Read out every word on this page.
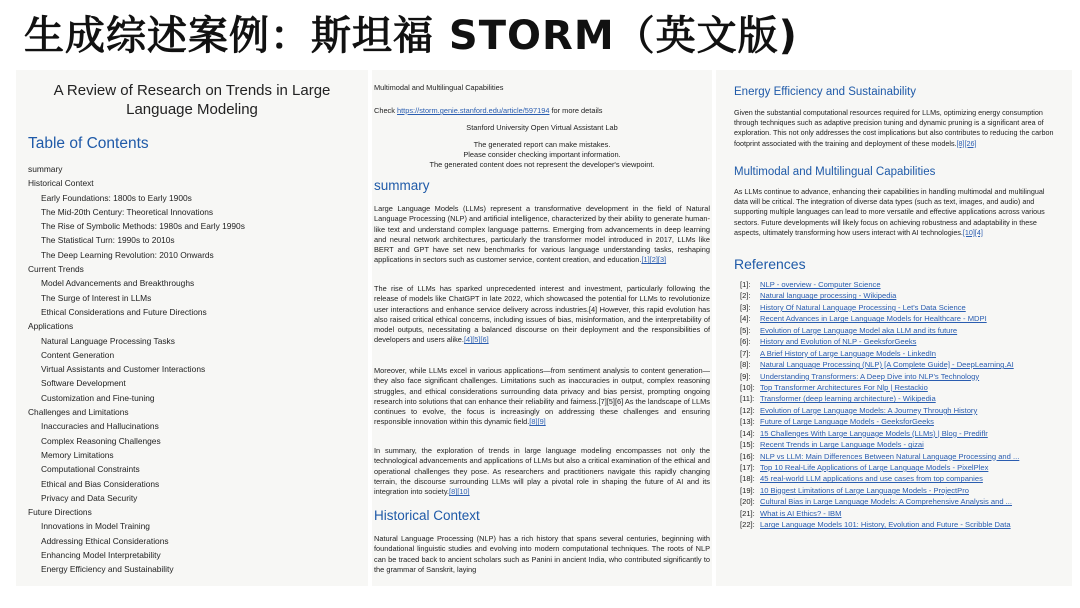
生成综述案例：斯坦福 STORM（英文版)
A Review of Research on Trends in Large Language Modeling
Table of Contents
summary
Historical Context
Early Foundations: 1800s to Early 1900s
The Mid-20th Century: Theoretical Innovations
The Rise of Symbolic Methods: 1980s and Early 1990s
The Statistical Turn: 1990s to 2010s
The Deep Learning Revolution: 2010 Onwards
Current Trends
Model Advancements and Breakthroughs
The Surge of Interest in LLMs
Ethical Considerations and Future Directions
Applications
Natural Language Processing Tasks
Content Generation
Virtual Assistants and Customer Interactions
Software Development
Customization and Fine-tuning
Challenges and Limitations
Inaccuracies and Hallucinations
Complex Reasoning Challenges
Memory Limitations
Computational Constraints
Ethical and Bias Considerations
Privacy and Data Security
Future Directions
Innovations in Model Training
Addressing Ethical Considerations
Enhancing Model Interpretability
Energy Efficiency and Sustainability
Multimodal and Multilingual Capabilities
Check https://storm.genie.stanford.edu/article/597194 for more details
Stanford University Open Virtual Assistant Lab
The generated report can make mistakes.
Please consider checking important information.
The generated content does not represent the developer's viewpoint.
summary

Large Language Models (LLMs) represent a transformative development in the field of Natural Language Processing (NLP) and artificial intelligence, characterized by their ability to generate human-like text and understand complex language patterns. Emerging from advancements in deep learning and neural network architectures, particularly the transformer model introduced in 2017, LLMs like BERT and GPT have set new benchmarks for various language understanding tasks, reshaping applications in sectors such as customer service, content creation, and education.[1][2][3]

The rise of LLMs has sparked unprecedented interest and investment, particularly following the release of models like ChatGPT in late 2022, which showcased the potential for LLMs to revolutionize user interactions and enhance service delivery across industries.[4] However, this rapid evolution has also raised critical ethical concerns, including issues of bias, misinformation, and the interpretability of model outputs, necessitating a balanced discourse on their deployment and the responsibilities of developers and users alike.[4][5][6]

Moreover, while LLMs excel in various applications—from sentiment analysis to content generation—they also face significant challenges. Limitations such as inaccuracies in output, complex reasoning struggles, and ethical considerations surrounding data privacy and bias persist, prompting ongoing research into solutions that can enhance their reliability and fairness.[7][5][6] As the landscape of LLMs continues to evolve, the focus is increasingly on addressing these challenges and ensuring responsible innovation within this dynamic field.[8][9]

In summary, the exploration of trends in large language modeling encompasses not only the technological advancements and applications of LLMs but also a critical examination of the ethical and operational challenges they pose. As researchers and practitioners navigate this rapidly changing terrain, the discourse surrounding LLMs will play a pivotal role in shaping the future of AI and its integration into society.[8][10]

Historical Context

Natural Language Processing (NLP) has a rich history that spans several centuries, beginning with foundational linguistic studies and evolving into modern computational techniques. The roots of NLP can be traced back to ancient scholars such as Panini in ancient India, who contributed significantly to the grammar of Sanskrit, laying

Energy Efficiency and Sustainability

Given the substantial computational resources required for LLMs, optimizing energy consumption through techniques such as adaptive precision tuning and dynamic pruning is a significant area of exploration. This not only addresses the cost implications but also contributes to reducing the carbon footprint associated with the training and deployment of these models.[8][26]

Multimodal and Multilingual Capabilities

As LLMs continue to advance, enhancing their capabilities in handling multimodal and multilingual data will be critical. The integration of diverse data types (such as text, images, and audio) and supporting multiple languages can lead to more versatile and effective applications across various sectors. Future developments will likely focus on achieving robustness and adaptability in these aspects, ultimately transforming how users interact with AI technologies.[10][4]

References
[1]: NLP - overview - Computer Science
[2]: Natural language processing - Wikipedia
[3]: History Of Natural Language Processing - Let's Data Science
[4]: Recent Advances in Large Language Models for Healthcare - MDPI
[5]: Evolution of Large Language Model aka LLM and its future
[6]: History and Evolution of NLP - GeeksforGeeks
[7]: A Brief History of Large Language Models - LinkedIn
[8]: Natural Language Processing (NLP) [A Complete Guide] - DeepLearning.AI
[9]: Understanding Transformers: A Deep Dive into NLP's Technology
[10]: Top Transformer Architectures For Nlp | Restackio
[11]: Transformer (deep learning architecture) - Wikipedia
[12]: Evolution of Large Language Models: A Journey Through History
[13]: Future of Large Language Models - GeeksforGeeks
[14]: 15 Challenges With Large Language Models (LLMs) | Blog - Prediflr
[15]: Recent Trends in Large Language Models - gizai
[16]: NLP vs LLM: Main Differences Between Natural Language Processing and ...
[17]: Top 10 Real-Life Applications of Large Language Models - PixelPlex
[18]: 45 real-world LLM applications and use cases from top companies
[19]: 10 Biggest Limitations of Large Language Models - ProjectPro
[20]: Cultural Bias in Large Language Models: A Comprehensive Analysis and ...
[21]: What is AI Ethics? - IBM
[22]: Large Language Models 101: History, Evolution and Future - Scribble Data
